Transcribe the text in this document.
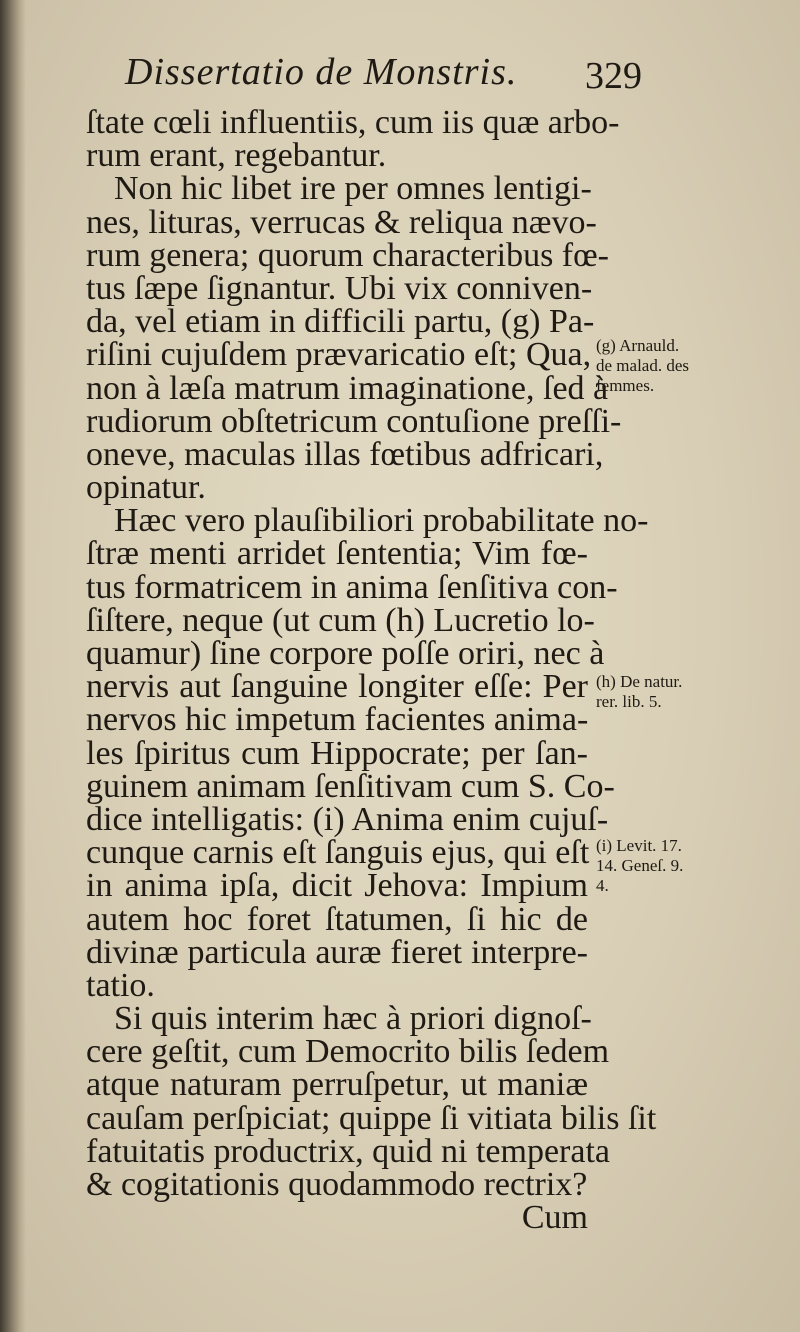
Dissertatio de Monstris. 329
ſtate cœli influentiis, cum iis quæ arbo-
rum erant, regebantur.
Non hic libet ire per omnes lentigi-
nes, lituras, verrucas & reliqua nævo-
rum genera; quorum characteribus fœ-
tus ſæpe ſignantur. Ubi vix conniven-
da, vel etiam in difficili partu, (g) Pa-
riſini cujuſdem prævaricatio eſt; Qua,
non à læſa matrum imaginatione, ſed à
rudiorum obſtetricum contuſione preſſi-
oneve, maculas illas fœtibus adfricari,
opinatur.
Hæc vero plauſibiliori probabilitate no-
ſtræ menti arridet ſententia; Vim fœ-
tus formatricem in anima ſenſitiva con-
ſiſtere, neque (ut cum (h) Lucretio lo-
quamur) ſine corpore poſſe oriri, nec à
nervis aut ſanguine longiter eſſe: Per
nervos hic impetum facientes anima-
les ſpiritus cum Hippocrate; per ſan-
guinem animam ſenſitivam cum S. Co-
dice intelligatis: (i) Anima enim cujuſ-
cunque carnis eſt ſanguis ejus, qui eſt
in anima ipſa, dicit Jehova: Impium
autem hoc foret ſtatumen, ſi hic de
divinæ particula auræ fieret interpre-
tatio.
Si quis interim hæc à priori dignoſ-
cere geſtit, cum Democrito bilis ſedem
atque naturam perruſpetur, ut maniæ
cauſam perſpiciat; quippe ſi vitiata bilis ſit
fatuitatis productrix, quid ni temperata
& cogitationis quodammodo rectrix?
Cum
(g) Arnauld.
de malad. des
femmes.
(h) De natur.
rer. lib. 5.
(i) Levit. 17.
14. Geneſ. 9.
4.
